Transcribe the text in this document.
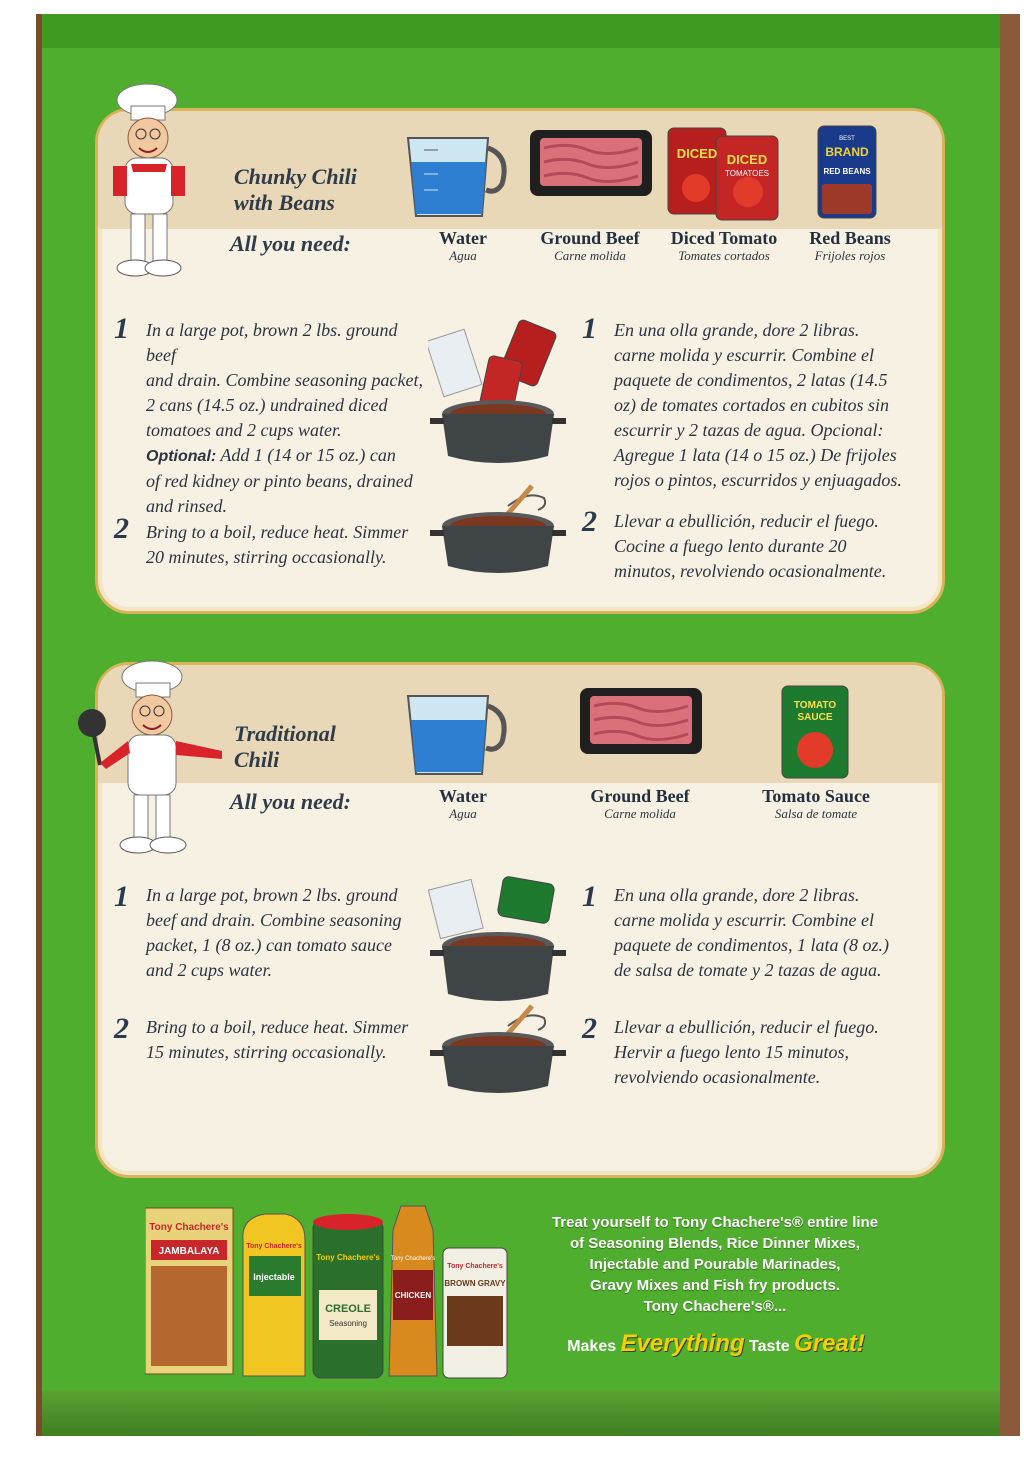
Chunky Chili
with Beans
All you need:
DICED DICED
TOMATOES
BEST
BRAND
RED BEANS
Water
Agua
Ground Beef
Carne molida
Diced Tomato
Tomates cortados
Red Beans
Frijoles rojos
1 In a large pot, brown 2 lbs. ground beef
and drain. Combine seasoning packet,
2 cans (14.5 oz.) undrained diced
tomatoes and 2 cups water.
Optional: Add 1 (14 or 15 oz.) can
of red kidney or pinto beans, drained
and rinsed.
1 En una olla grande, dore 2 libras.
carne molida y escurrir. Combine el
paquete de condimentos, 2 latas (14.5
oz) de tomates cortados en cubitos sin
escurrir y 2 tazas de agua. Opcional:
Agregue 1 lata (14 o 15 oz.) De frijoles
rojos o pintos, escurridos y enjuagados.
2 Bring to a boil, reduce heat. Simmer
20 minutes, stirring occasionally.
2 Llevar a ebullición, reducir el fuego.
Cocine a fuego lento durante 20
minutos, revolviendo ocasionalmente.
Traditional
Chili
All you need:
TOMATO
SAUCE
Water
Agua
Ground Beef
Carne molida
Tomato Sauce
Salsa de tomate
1 In a large pot, brown 2 lbs. ground
beef and drain. Combine seasoning
packet, 1 (8 oz.) can tomato sauce
and 2 cups water.
1 En una olla grande, dore 2 libras.
carne molida y escurrir. Combine el
paquete de condimentos, 1 lata (8 oz.)
de salsa de tomate y 2 tazas de agua.
2 Bring to a boil, reduce heat. Simmer
15 minutes, stirring occasionally.
2 Llevar a ebullición, reducir el fuego.
Hervir a fuego lento 15 minutos,
revolviendo ocasionalmente.
Tony Chachere's
JAMBALAYA	Tony Chachere's
Injectable
Tony Chachere's
CREOLE
Seasoning
Tony Chachere's
CHICKEN
Tony Chachere's
BROWN GRAVY
Treat yourself to Tony Chachere's® entire line
of Seasoning Blends, Rice Dinner Mixes,
Injectable and Pourable Marinades,
Gravy Mixes and Fish fry products.
Tony Chachere's®...
Makes Everything Taste Great!
